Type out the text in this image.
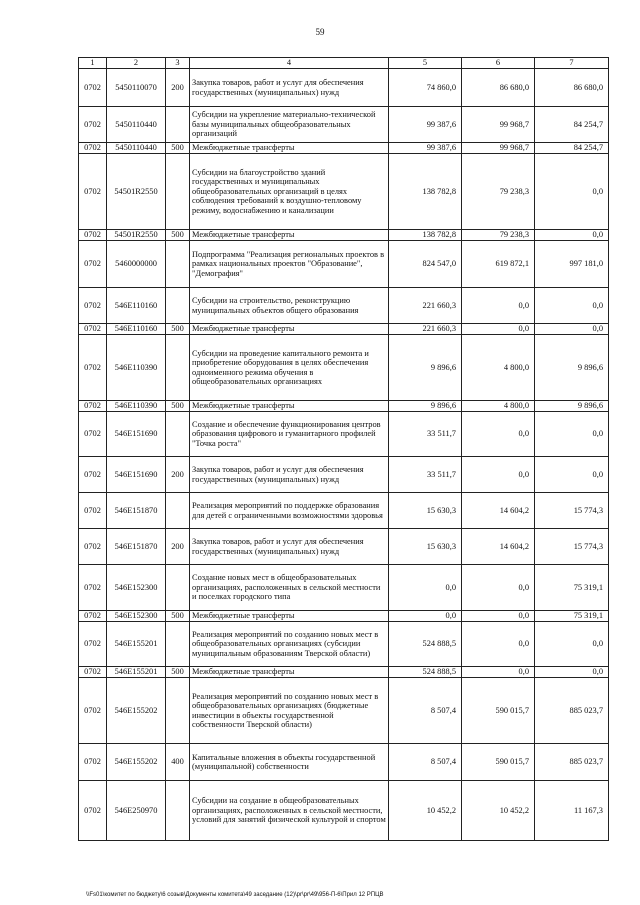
59
1	2	3	4	5	6	7
0702	5450110070	200	Закупка товаров, работ и услуг для обеспечения государственных (муниципальных) нужд	74 860,0	86 680,0	86 680,0
0702	5450110440		Субсидии на укрепление материально-технической базы муниципальных общеобразовательных организаций	99 387,6	99 968,7	84 254,7
0702	5450110440	500	Межбюджетные трансферты	99 387,6	99 968,7	84 254,7
0702	54501R2550		Субсидии на благоустройство зданий государственных и муниципальных общеобразовательных организаций в целях соблюдения требований к воздушно-тепловому режиму, водоснабжению и канализации	138 782,8	79 238,3	0,0
0702	54501R2550	500	Межбюджетные трансферты	138 782,8	79 238,3	0,0
0702	5460000000		Подпрограмма "Реализация региональных проектов в рамках национальных проектов "Образование", "Демография"	824 547,0	619 872,1	997 181,0
0702	546E110160		Субсидии на строительство, реконструкцию муниципальных объектов общего образования	221 660,3	0,0	0,0
0702	546E110160	500	Межбюджетные трансферты	221 660,3	0,0	0,0
0702	546E110390		Субсидии на проведение капитального ремонта и приобретение оборудования в целях обеспечения одноименного режима обучения в общеобразовательных организациях	9 896,6	4 800,0	9 896,6
0702	546E110390	500	Межбюджетные трансферты	9 896,6	4 800,0	9 896,6
0702	546E151690		Создание и обеспечение функционирования центров образования цифрового и гуманитарного профилей "Точка роста"	33 511,7	0,0	0,0
0702	546E151690	200	Закупка товаров, работ и услуг для обеспечения государственных (муниципальных) нужд	33 511,7	0,0	0,0
0702	546E151870		Реализация мероприятий по поддержке образования для детей с ограниченными возможностями здоровья	15 630,3	14 604,2	15 774,3
0702	546E151870	200	Закупка товаров, работ и услуг для обеспечения государственных (муниципальных) нужд	15 630,3	14 604,2	15 774,3
0702	546E152300		Создание новых мест в общеобразовательных организациях, расположенных в сельской местности и поселках городского типа	0,0	0,0	75 319,1
0702	546E152300	500	Межбюджетные трансферты	0,0	0,0	75 319,1
0702	546E155201		Реализация мероприятий по созданию новых мест в общеобразовательных организациях (субсидии муниципальным образованиям Тверской области)	524 888,5	0,0	0,0
0702	546E155201	500	Межбюджетные трансферты	524 888,5	0,0	0,0
0702	546E155202		Реализация мероприятий по созданию новых мест в общеобразовательных организациях (бюджетные инвестиции в объекты государственной собственности Тверской области)	8 507,4	590 015,7	885 023,7
0702	546E155202	400	Капитальные вложения в объекты государственной (муниципальной) собственности	8 507,4	590 015,7	885 023,7
0702	546E250970		Субсидии на создание в общеобразовательных организациях, расположенных в сельской местности, условий для занятий физической культурой и спортом	10 452,2	10 452,2	11 167,3
\\Fs01\комитет по бюджету\6 созыв\Документы комитета\49 заседание (12)\pr\pr\49\956-П-6\Прил 12 РПЦВ
